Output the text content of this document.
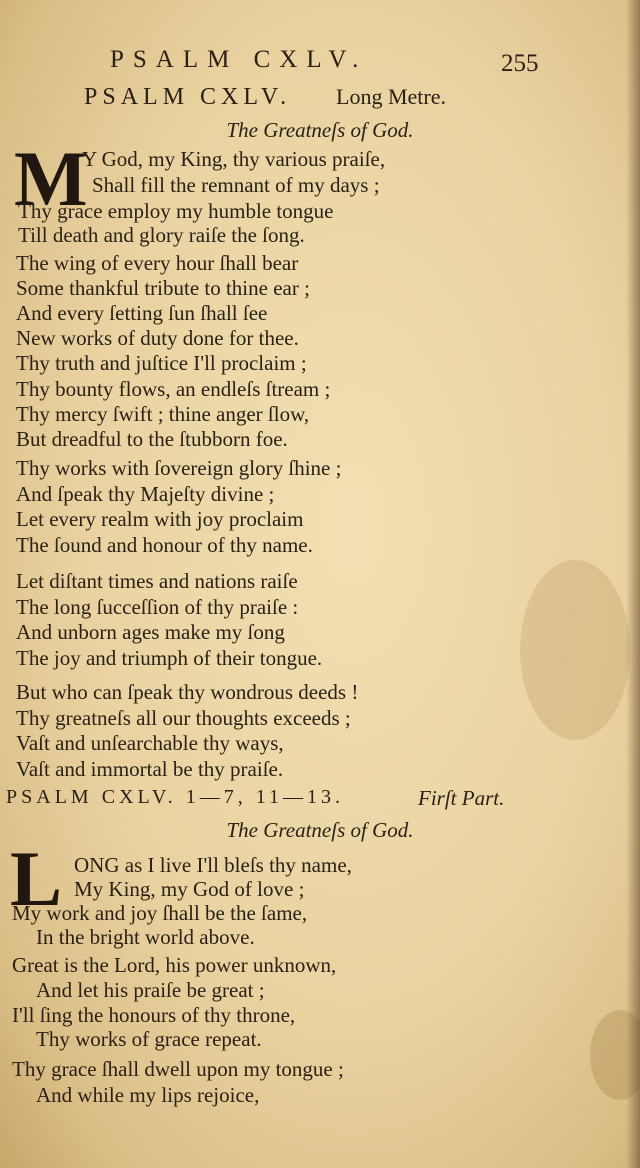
PSALM CXLV.	255
PSALM CXLV. Long Metre.
The Greatneſs of God.
M
Y God, my King, thy various praiſe,
Shall fill the remnant of my days ;
Thy grace employ my humble tongue
Till death and glory raiſe the ſong.
The wing of every hour ſhall bear
Some thankful tribute to thine ear ;
And every ſetting ſun ſhall ſee
New works of duty done for thee.
Thy truth and juſtice I'll proclaim ;
Thy bounty flows, an endleſs ſtream ;
Thy mercy ſwift ; thine anger ſlow,
But dreadful to the ſtubborn foe.
Thy works with ſovereign glory ſhine ;
And ſpeak thy Majeſty divine ;
Let every realm with joy proclaim
The ſound and honour of thy name.
Let diſtant times and nations raiſe
The long ſucceſſion of thy praiſe :
And unborn ages make my ſong
The joy and triumph of their tongue.
But who can ſpeak thy wondrous deeds !
Thy greatneſs all our thoughts exceeds ;
Vaſt and unſearchable thy ways,
Vaſt and immortal be thy praiſe.
PSALM CXLV. 1—7, 11—13.	Firſt Part.
The Greatneſs of God.
L ONG as I live I'll bleſs thy name,
My King, my God of love ;
My work and joy ſhall be the ſame,
In the bright world above.
Great is the Lord, his power unknown,
And let his praiſe be great ;
I'll ſing the honours of thy throne,
Thy works of grace repeat.
Thy grace ſhall dwell upon my tongue ;
And while my lips rejoice,
